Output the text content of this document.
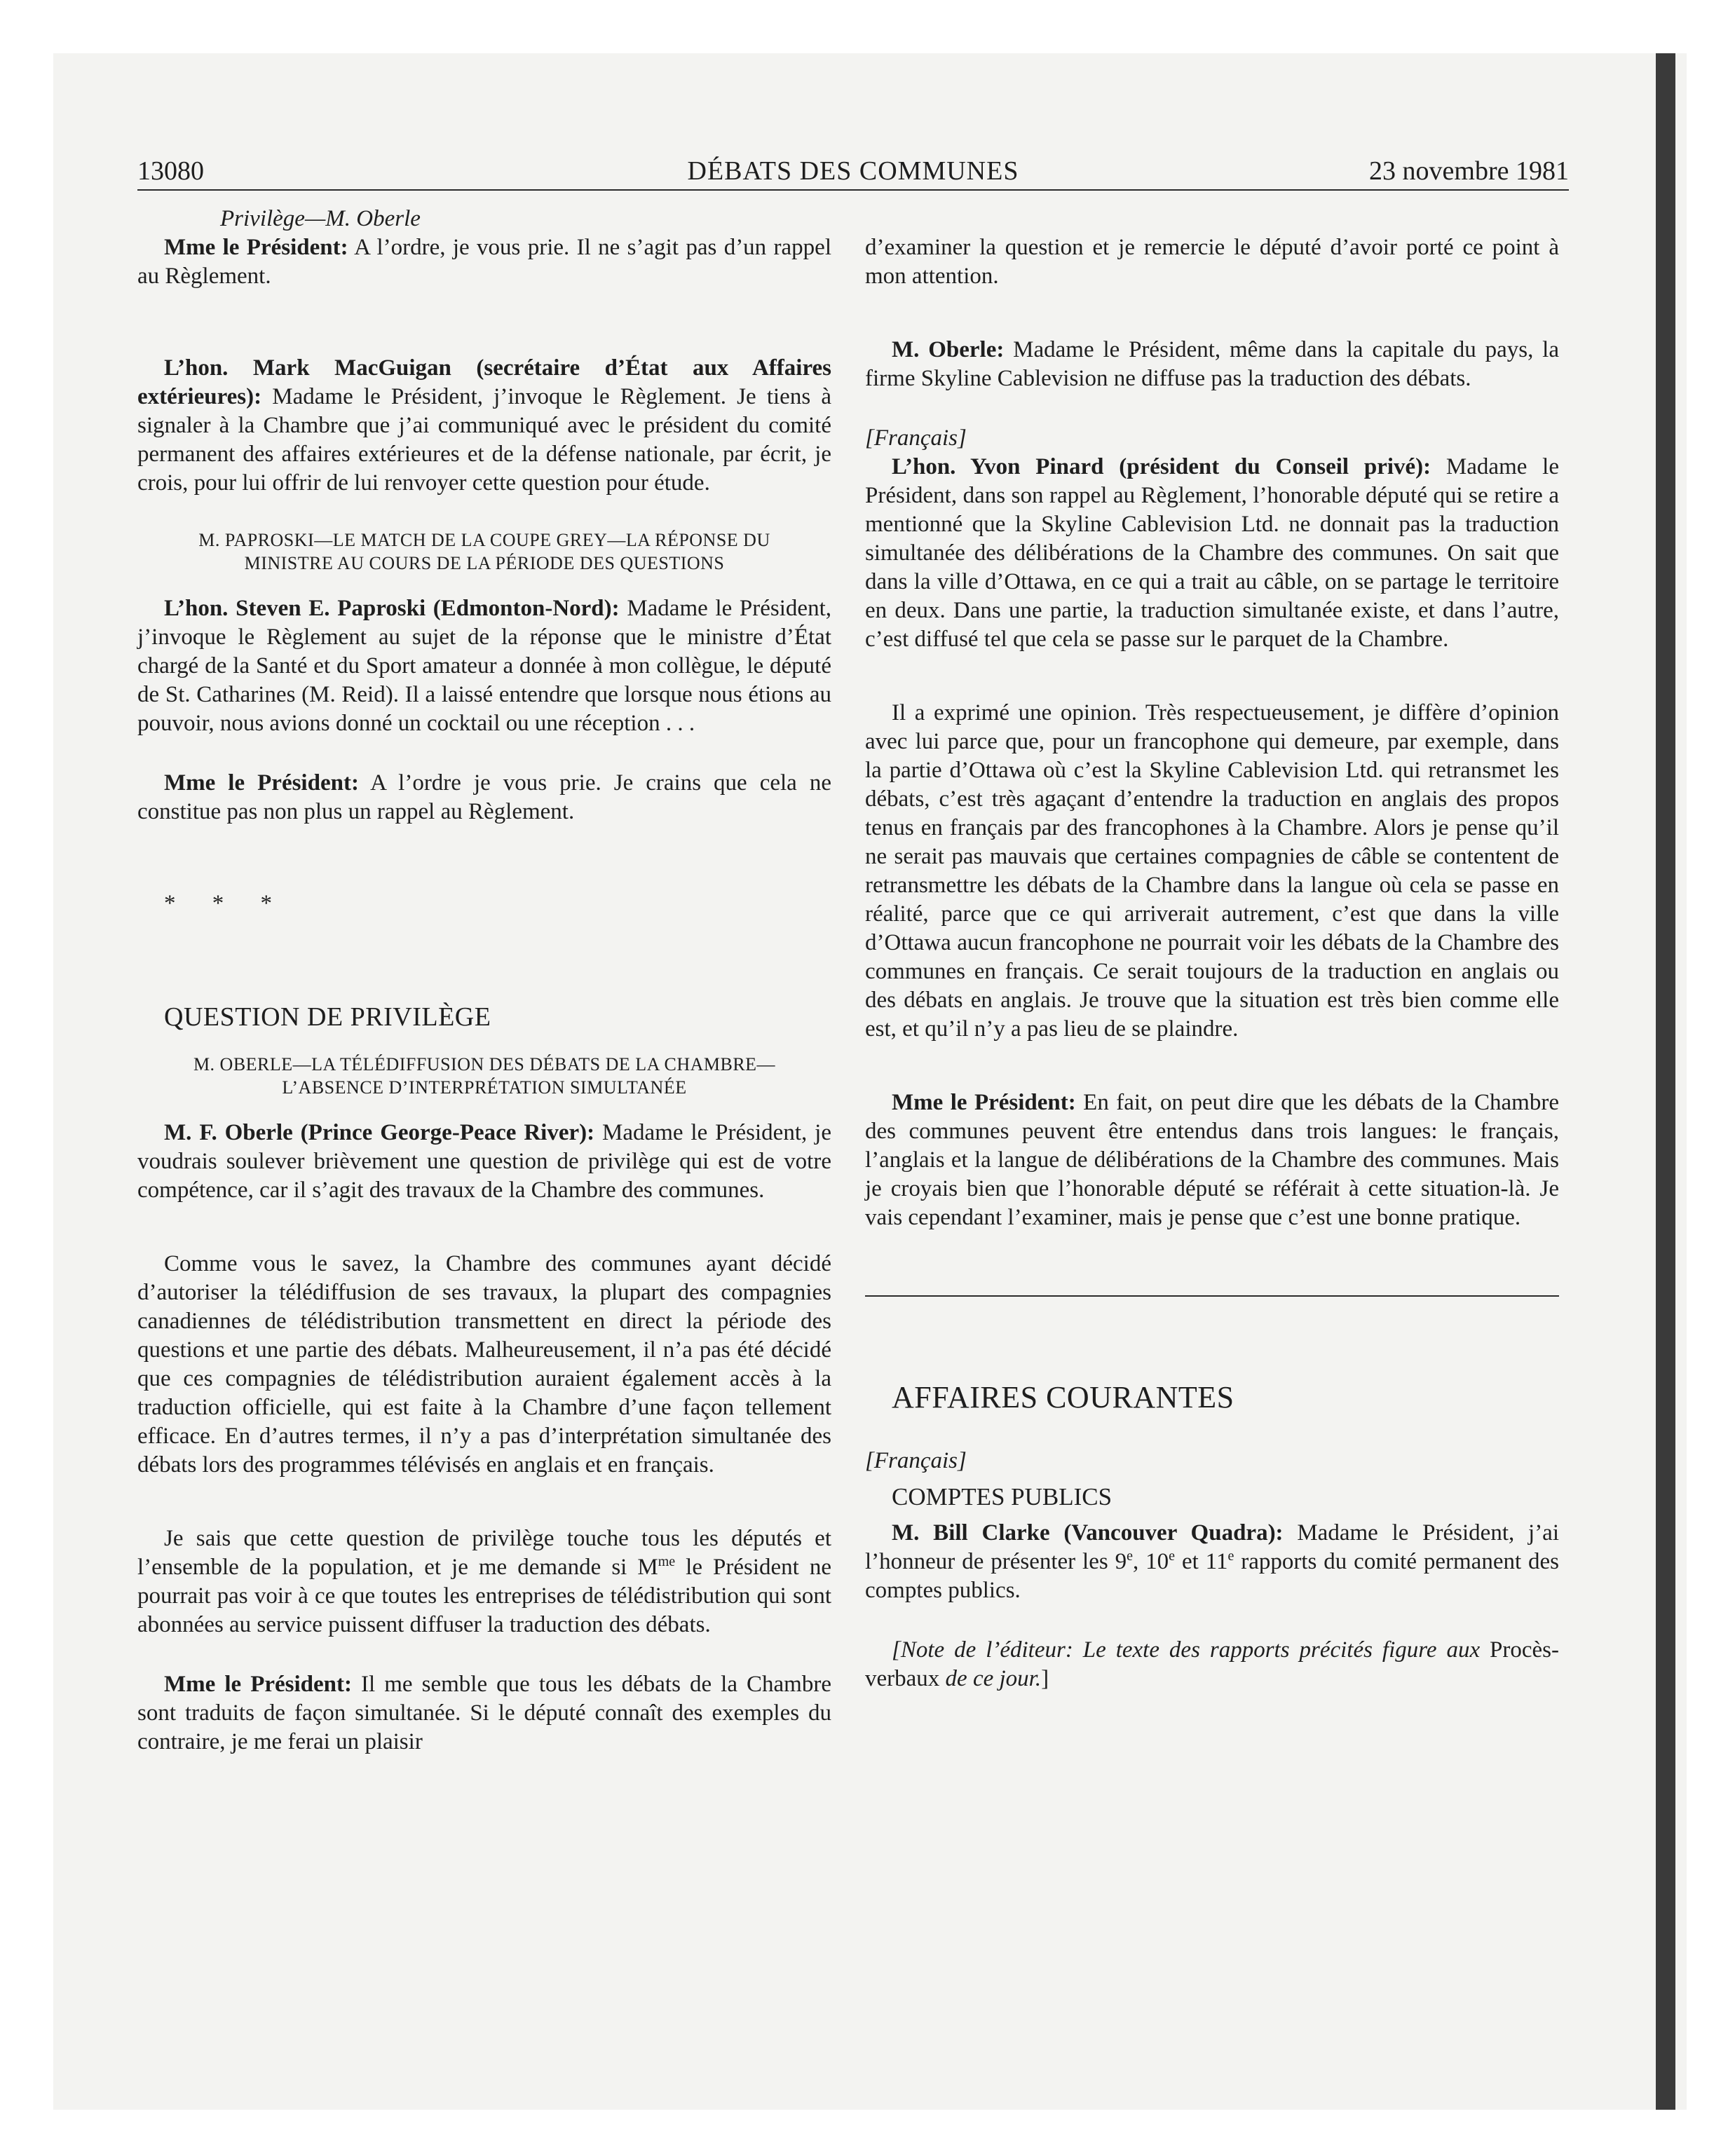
13080	DÉBATS DES COMMUNES	23 novembre 1981

Privilège—M. Oberle

Mme le Président: A l’ordre, je vous prie. Il ne s’agit pas d’un rappel au Règlement.

L’hon. Mark MacGuigan (secrétaire d’État aux Affaires extérieures): Madame le Président, j’invoque le Règlement. Je tiens à signaler à la Chambre que j’ai communiqué avec le président du comité permanent des affaires extérieures et de la défense nationale, par écrit, je crois, pour lui offrir de lui renvoyer cette question pour étude.

M. PAPROSKI—LE MATCH DE LA COUPE GREY—LA RÉPONSE DU
MINISTRE AU COURS DE LA PÉRIODE DES QUESTIONS

L’hon. Steven E. Paproski (Edmonton-Nord): Madame le Président, j’invoque le Règlement au sujet de la réponse que le ministre d’État chargé de la Santé et du Sport amateur a donnée à mon collègue, le député de St. Catharines (M. Reid). Il a laissé entendre que lorsque nous étions au pouvoir, nous avions donné un cocktail ou une réception . . .

Mme le Président: A l’ordre je vous prie. Je crains que cela ne constitue pas non plus un rappel au Règlement.

* * *

QUESTION DE PRIVILÈGE

M. OBERLE—LA TÉLÉDIFFUSION DES DÉBATS DE LA CHAMBRE—
L’ABSENCE D’INTERPRÉTATION SIMULTANÉE

M. F. Oberle (Prince George-Peace River): Madame le Président, je voudrais soulever brièvement une question de privilège qui est de votre compétence, car il s’agit des travaux de la Chambre des communes.

Comme vous le savez, la Chambre des communes ayant décidé d’autoriser la télédiffusion de ses travaux, la plupart des compagnies canadiennes de télédistribution transmettent en direct la période des questions et une partie des débats. Malheureusement, il n’a pas été décidé que ces compagnies de télédistribution auraient également accès à la traduction officielle, qui est faite à la Chambre d’une façon tellement efficace. En d’autres termes, il n’y a pas d’interprétation simultanée des débats lors des programmes télévisés en anglais et en français.

Je sais que cette question de privilège touche tous les députés et l’ensemble de la population, et je me demande si $M^{me}$ le Président ne pourrait pas voir à ce que toutes les entreprises de télédistribution qui sont abonnées au service puissent diffuser la traduction des débats.

Mme le Président: Il me semble que tous les débats de la Chambre sont traduits de façon simultanée. Si le député connaît des exemples du contraire, je me ferai un plaisir

d’examiner la question et je remercie le député d’avoir porté ce point à mon attention.

M. Oberle: Madame le Président, même dans la capitale du pays, la firme Skyline Cablevision ne diffuse pas la traduction des débats.

[Français]

L’hon. Yvon Pinard (président du Conseil privé): Madame le Président, dans son rappel au Règlement, l’honorable député qui se retire a mentionné que la Skyline Cablevision Ltd. ne donnait pas la traduction simultanée des délibérations de la Chambre des communes. On sait que dans la ville d’Ottawa, en ce qui a trait au câble, on se partage le territoire en deux. Dans une partie, la traduction simultanée existe, et dans l’autre, c’est diffusé tel que cela se passe sur le parquet de la Chambre.

Il a exprimé une opinion. Très respectueusement, je diffère d’opinion avec lui parce que, pour un francophone qui demeure, par exemple, dans la partie d’Ottawa où c’est la Skyline Cablevision Ltd. qui retransmet les débats, c’est très agaçant d’entendre la traduction en anglais des propos tenus en français par des francophones à la Chambre. Alors je pense qu’il ne serait pas mauvais que certaines compagnies de câble se contentent de retransmettre les débats de la Chambre dans la langue où cela se passe en réalité, parce que ce qui arriverait autrement, c’est que dans la ville d’Ottawa aucun francophone ne pourrait voir les débats de la Chambre des communes en français. Ce serait toujours de la traduction en anglais ou des débats en anglais. Je trouve que la situation est très bien comme elle est, et qu’il n’y a pas lieu de se plaindre.

Mme le Président: En fait, on peut dire que les débats de la Chambre des communes peuvent être entendus dans trois langues: le français, l’anglais et la langue de délibérations de la Chambre des communes. Mais je croyais bien que l’honorable député se référait à cette situation-là. Je vais cependant l’examiner, mais je pense que c’est une bonne pratique.

AFFAIRES COURANTES

[Français]

COMPTES PUBLICS

M. Bill Clarke (Vancouver Quadra): Madame le Président, j’ai l’honneur de présenter les 9e, 10e et 11e rapports du comité permanent des comptes publics.

[Note de l’éditeur: Le texte des rapports précités figure aux Procès-verbaux de ce jour.]
